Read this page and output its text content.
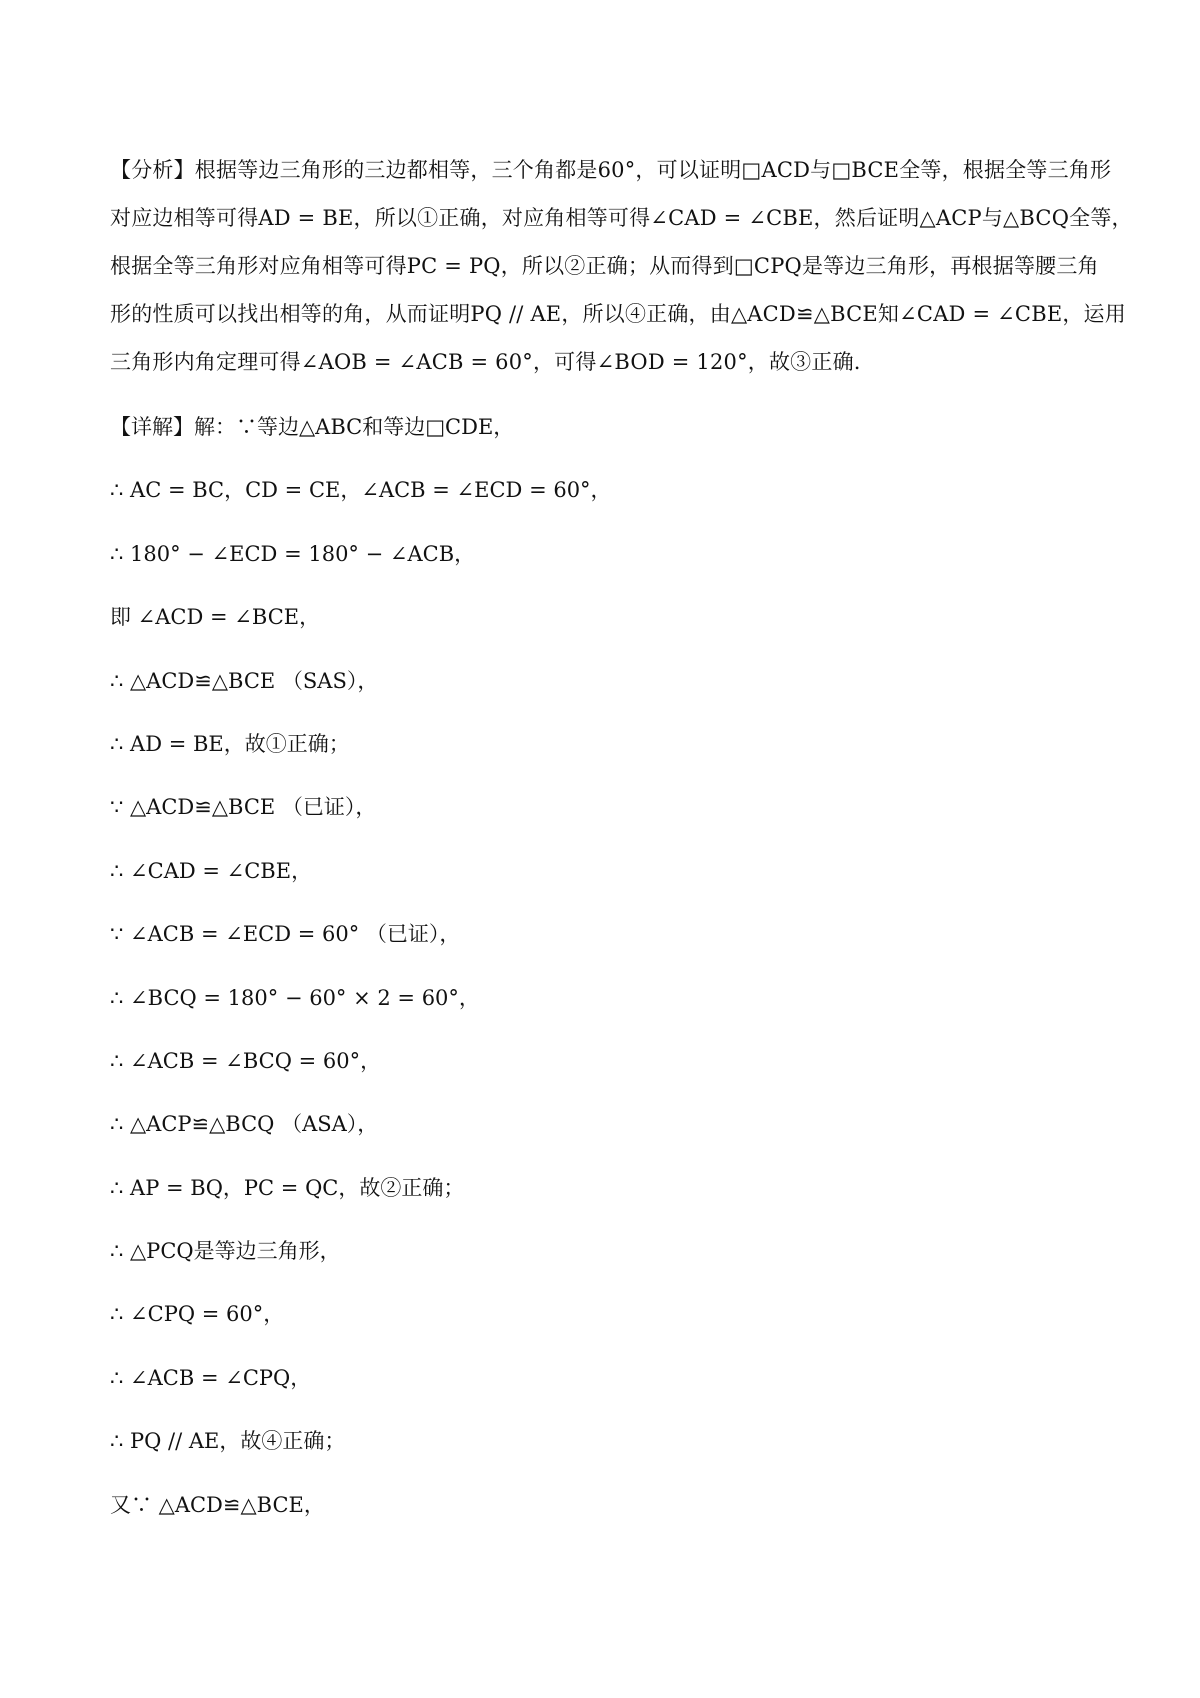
【分析】根据等边三角形的三边都相等，三个角都是60°，可以证明□ACD与□BCE全等，根据全等三角形
对应边相等可得AD = BE，所以①正确，对应角相等可得∠CAD = ∠CBE，然后证明△ACP与△BCQ全等，
根据全等三角形对应角相等可得PC = PQ，所以②正确；从而得到□CPQ是等边三角形，再根据等腰三角
形的性质可以找出相等的角，从而证明PQ // AE，所以④正确，由△ACD≌△BCE知∠CAD = ∠CBE，运用
三角形内角定理可得∠AOB = ∠ACB = 60°，可得∠BOD = 120°，故③正确.
【详解】解：∵等边△ABC和等边□CDE，
∴ AC = BC，CD = CE，∠ACB = ∠ECD = 60°，
∴ 180° − ∠ECD = 180° − ∠ACB，
即 ∠ACD = ∠BCE，
∴ △ACD≌△BCE （SAS），
∴ AD = BE，故①正确；
∵ △ACD≌△BCE （已证），
∴ ∠CAD = ∠CBE，
∵ ∠ACB = ∠ECD = 60° （已证），
∴ ∠BCQ = 180° − 60° × 2 = 60°，
∴ ∠ACB = ∠BCQ = 60°，
∴ △ACP≌△BCQ （ASA），
∴ AP = BQ，PC = QC，故②正确；
∴ △PCQ是等边三角形，
∴ ∠CPQ = 60°，
∴ ∠ACB = ∠CPQ，
∴ PQ // AE，故④正确；
又∵ △ACD≌△BCE，
